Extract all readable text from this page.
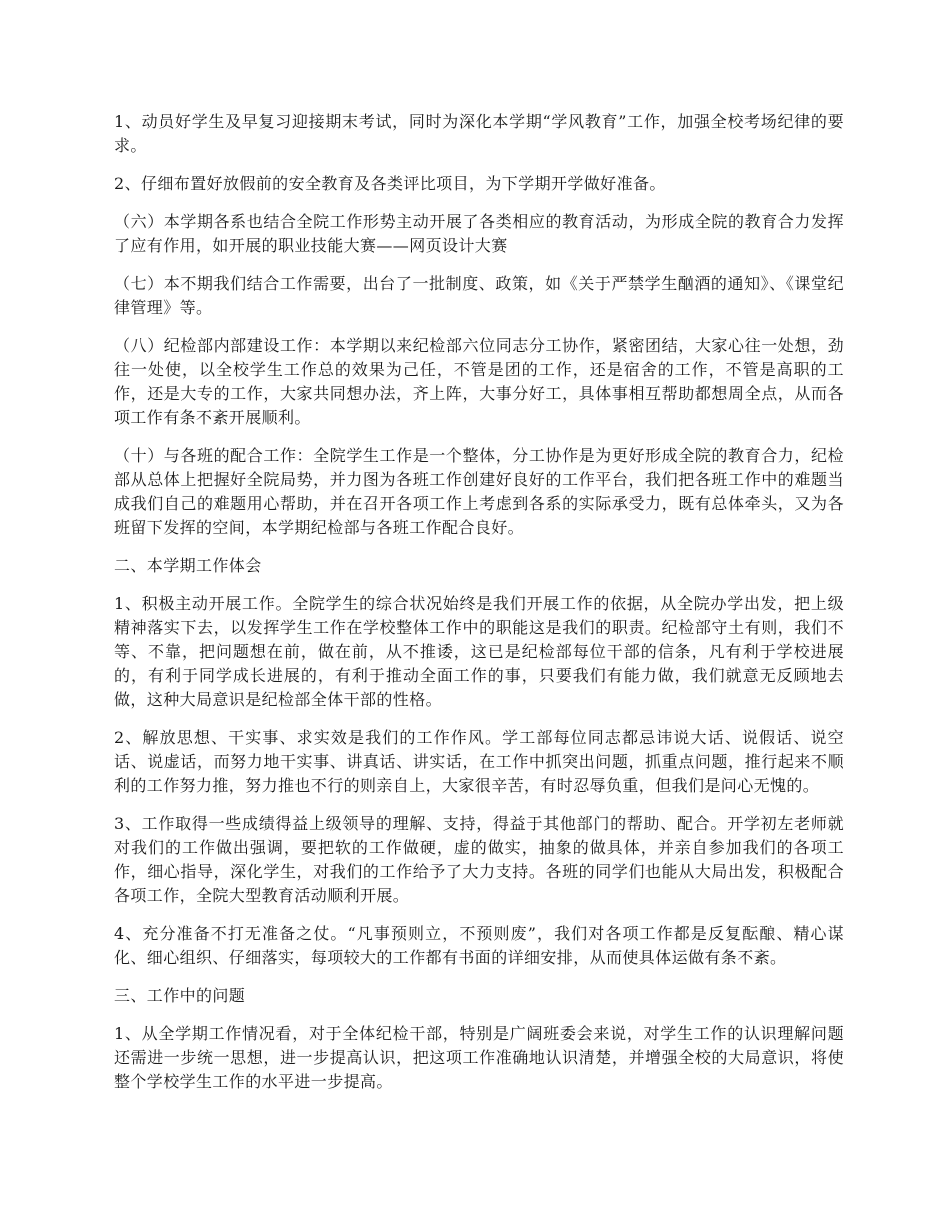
1、动员好学生及早复习迎接期末考试，同时为深化本学期“学风教育”工作，加强全校考场纪律的要求。

2、仔细布置好放假前的安全教育及各类评比项目，为下学期开学做好准备。

（六）本学期各系也结合全院工作形势主动开展了各类相应的教育活动，为形成全院的教育合力发挥了应有作用，如开展的职业技能大赛——网页设计大赛

（七）本不期我们结合工作需要，出台了一批制度、政策，如《关于严禁学生酗酒的通知》、《课堂纪律管理》等。

（八）纪检部内部建设工作：本学期以来纪检部六位同志分工协作，紧密团结，大家心往一处想，劲往一处使，以全校学生工作总的效果为己任，不管是团的工作，还是宿舍的工作，不管是高职的工作，还是大专的工作，大家共同想办法，齐上阵，大事分好工，具体事相互帮助都想周全点，从而各项工作有条不紊开展顺利。

（十）与各班的配合工作：全院学生工作是一个整体，分工协作是为更好形成全院的教育合力，纪检部从总体上把握好全院局势，并力图为各班工作创建好良好的工作平台，我们把各班工作中的难题当成我们自己的难题用心帮助，并在召开各项工作上考虑到各系的实际承受力，既有总体牵头，又为各班留下发挥的空间，本学期纪检部与各班工作配合良好。

二、本学期工作体会

1、积极主动开展工作。全院学生的综合状况始终是我们开展工作的依据，从全院办学出发，把上级精神落实下去，以发挥学生工作在学校整体工作中的职能这是我们的职责。纪检部守土有则，我们不等、不靠，把问题想在前，做在前，从不推诿，这已是纪检部每位干部的信条，凡有利于学校进展的，有利于同学成长进展的，有利于推动全面工作的事，只要我们有能力做，我们就意无反顾地去做，这种大局意识是纪检部全体干部的性格。

2、解放思想、干实事、求实效是我们的工作作风。学工部每位同志都忌讳说大话、说假话、说空话、说虚话，而努力地干实事、讲真话、讲实话，在工作中抓突出问题，抓重点问题，推行起来不顺利的工作努力推，努力推也不行的则亲自上，大家很辛苦，有时忍辱负重，但我们是问心无愧的。

3、工作取得一些成绩得益上级领导的理解、支持，得益于其他部门的帮助、配合。开学初左老师就对我们的工作做出强调，要把软的工作做硬，虚的做实，抽象的做具体，并亲自参加我们的各项工作，细心指导，深化学生，对我们的工作给予了大力支持。各班的同学们也能从大局出发，积极配合各项工作，全院大型教育活动顺利开展。

4、充分准备不打无准备之仗。“凡事预则立，不预则废”，我们对各项工作都是反复酝酿、精心谋化、细心组织、仔细落实，每项较大的工作都有书面的详细安排，从而使具体运做有条不紊。

三、工作中的问题

1、从全学期工作情况看，对于全体纪检干部，特别是广阔班委会来说，对学生工作的认识理解问题还需进一步统一思想，进一步提高认识，把这项工作准确地认识清楚，并增强全校的大局意识，将使整个学校学生工作的水平进一步提高。
